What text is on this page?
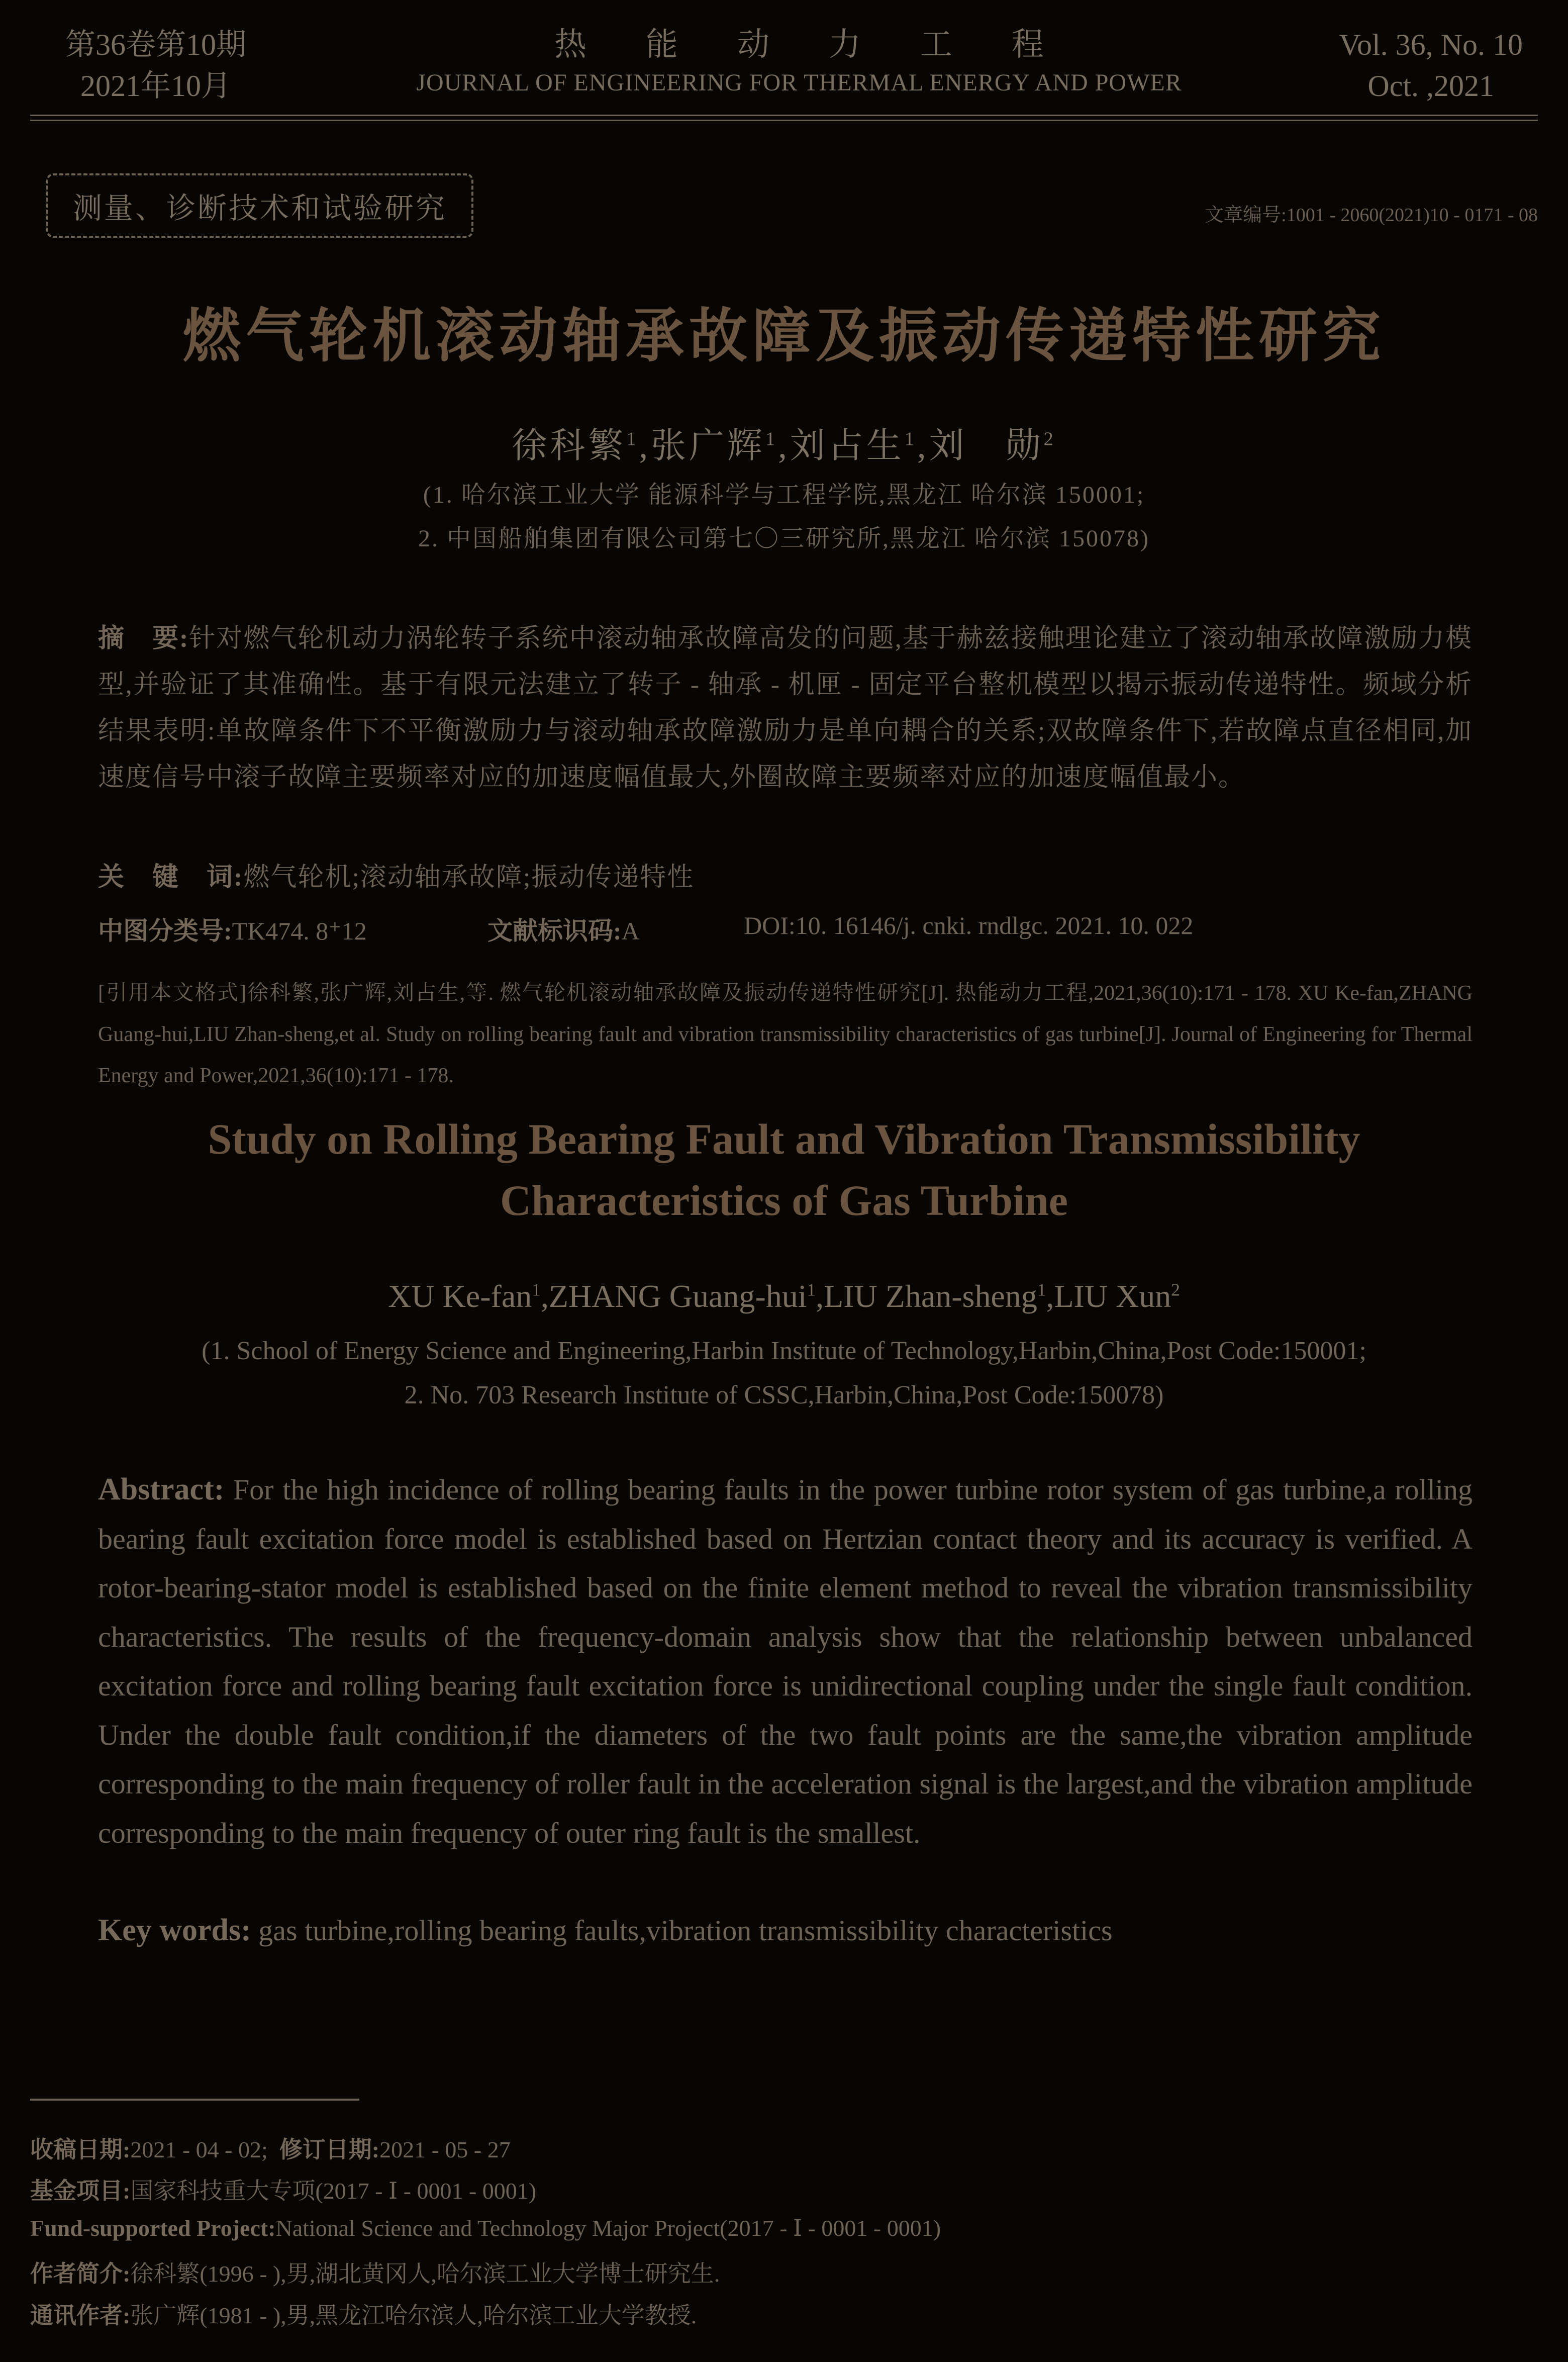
第36卷第10期
2021年10月
热能动力工程
JOURNAL OF ENGINEERING FOR THERMAL ENERGY AND POWER
Vol. 36, No. 10
Oct. ,2021
测量、诊断技术和试验研究	文章编号:1001 - 2060(2021)10 - 0171 - 08
燃气轮机滚动轴承故障及振动传递特性研究
徐科繁$^1$,张广辉$^1$,刘占生$^1$,刘　勋$^2$
(1. 哈尔滨工业大学 能源科学与工程学院,黑龙江 哈尔滨 150001;
2. 中国船舶集团有限公司第七〇三研究所,黑龙江 哈尔滨 150078)
摘　要:针对燃气轮机动力涡轮转子系统中滚动轴承故障高发的问题,基于赫兹接触理论建立了滚动轴承故障激励力模型,并验证了其准确性。基于有限元法建立了转子 - 轴承 - 机匣 - 固定平台整机模型以揭示振动传递特性。频域分析结果表明:单故障条件下不平衡激励力与滚动轴承故障激励力是单向耦合的关系;双故障条件下,若故障点直径相同,加速度信号中滚子故障主要频率对应的加速度幅值最大,外圈故障主要频率对应的加速度幅值最小。
关　键　词:燃气轮机;滚动轴承故障;振动传递特性
中图分类号:TK474. 8⁺12	文献标识码:A	DOI:10. 16146/j. cnki. rndlgc. 2021. 10. 022
[引用本文格式]徐科繁,张广辉,刘占生,等. 燃气轮机滚动轴承故障及振动传递特性研究[J]. 热能动力工程,2021,36(10):171 - 178. XU Ke-fan,ZHANG Guang-hui,LIU Zhan-sheng,et al. Study on rolling bearing fault and vibration transmissibility characteristics of gas turbine[J]. Journal of Engineering for Thermal Energy and Power,2021,36(10):171 - 178.
Study on Rolling Bearing Fault and Vibration Transmissibility
Characteristics of Gas Turbine
XU Ke-fan$^1$,ZHANG Guang-hui$^1$,LIU Zhan-sheng$^1$,LIU Xun$^2$
(1. School of Energy Science and Engineering,Harbin Institute of Technology,Harbin,China,Post Code:150001;
2. No. 703 Research Institute of CSSC,Harbin,China,Post Code:150078)
Abstract: For the high incidence of rolling bearing faults in the power turbine rotor system of gas turbine,a rolling bearing fault excitation force model is established based on Hertzian contact theory and its accuracy is verified. A rotor-bearing-stator model is established based on the finite element method to reveal the vibration transmissibility characteristics. The results of the frequency-domain analysis show that the relationship between unbalanced excitation force and rolling bearing fault excitation force is unidirectional coupling under the single fault condition. Under the double fault condition,if the diameters of the two fault points are the same,the vibration amplitude corresponding to the main frequency of roller fault in the acceleration signal is the largest,and the vibration amplitude corresponding to the main frequency of outer ring fault is the smallest.
Key words: gas turbine,rolling bearing faults,vibration transmissibility characteristics
收稿日期:2021 - 04 - 02; 修订日期:2021 - 05 - 27
基金项目:国家科技重大专项(2017 - Ⅰ - 0001 - 0001)
Fund-supported Project:National Science and Technology Major Project(2017 - Ⅰ - 0001 - 0001)
作者简介:徐科繁(1996 - ),男,湖北黄冈人,哈尔滨工业大学博士研究生.
通讯作者:张广辉(1981 - ),男,黑龙江哈尔滨人,哈尔滨工业大学教授.
